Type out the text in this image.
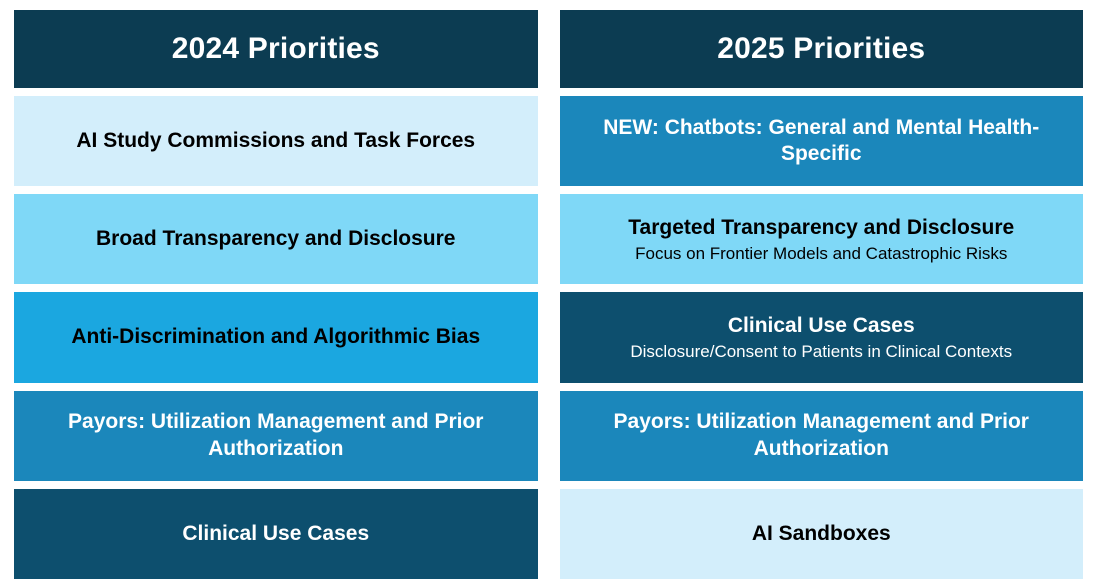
2024 Priorities
AI Study Commissions and Task Forces
Broad Transparency and Disclosure
Anti-Discrimination and Algorithmic Bias
Payors: Utilization Management and Prior Authorization
Clinical Use Cases
2025 Priorities
NEW: Chatbots: General and Mental Health-Specific
Targeted Transparency and Disclosure
Focus on Frontier Models and Catastrophic Risks
Clinical Use Cases
Disclosure/Consent to Patients in Clinical Contexts
Payors: Utilization Management and Prior Authorization
AI Sandboxes
